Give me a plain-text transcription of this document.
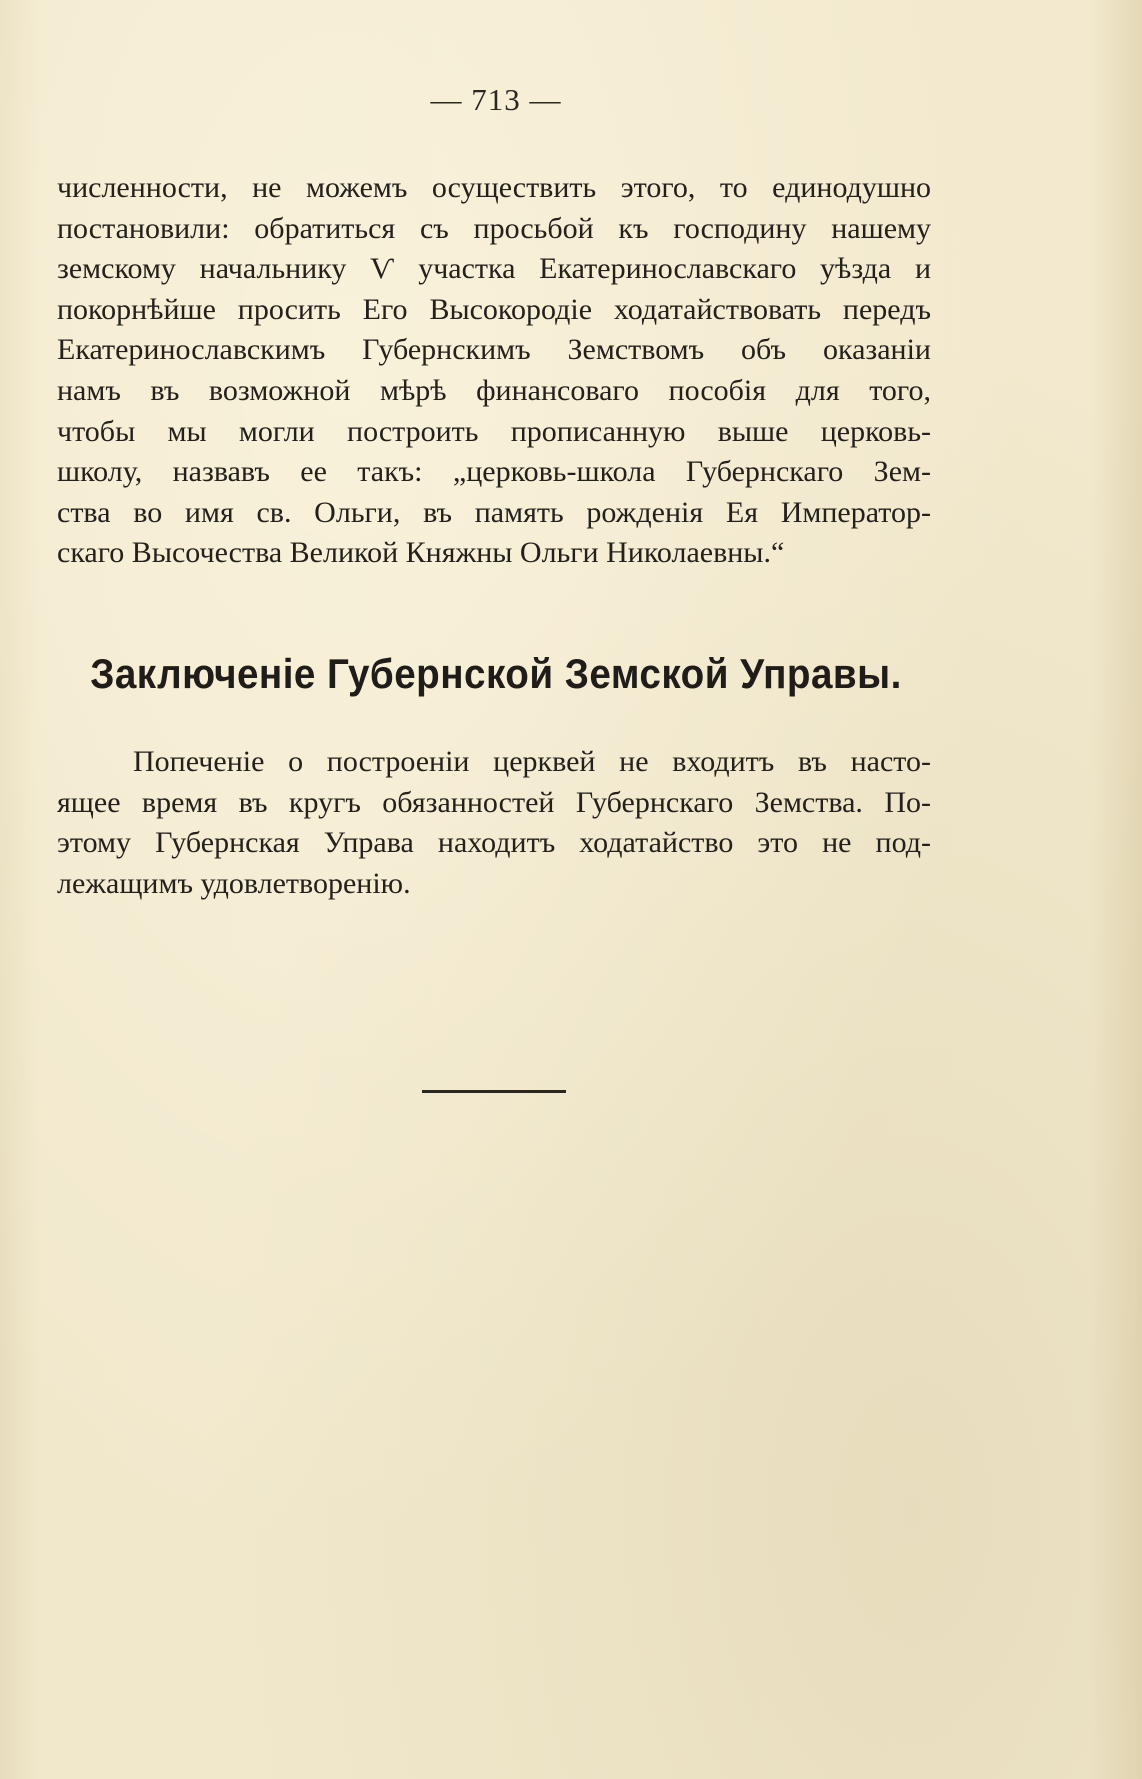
— 713 —
численности, не можемъ осуществить этого, то единодушно
постановили: обратиться съ просьбой къ господину нашему
земскому начальнику Ѵ участка Екатеринославскаго уѣзда и
покорнѣйше просить Его Высокородіе ходатайствовать передъ
Екатеринославскимъ Губернскимъ Земствомъ объ оказаніи
намъ въ возможной мѣрѣ финансоваго пособія для того,
чтобы мы могли построить прописанную выше церковь-
школу, назвавъ ее такъ: „церковь-школа Губернскаго Зем-
ства во имя св. Ольги, въ память рожденія Ея Император-
скаго Высочества Великой Княжны Ольги Николаевны.“
Заключеніе Губернской Земской Управы.
Попеченіе о построеніи церквей не входитъ въ насто-
ящее время въ кругъ обязанностей Губернскаго Земства. По-
этому Губернская Управа находитъ ходатайство это не под-
лежащимъ удовлетворенію.
